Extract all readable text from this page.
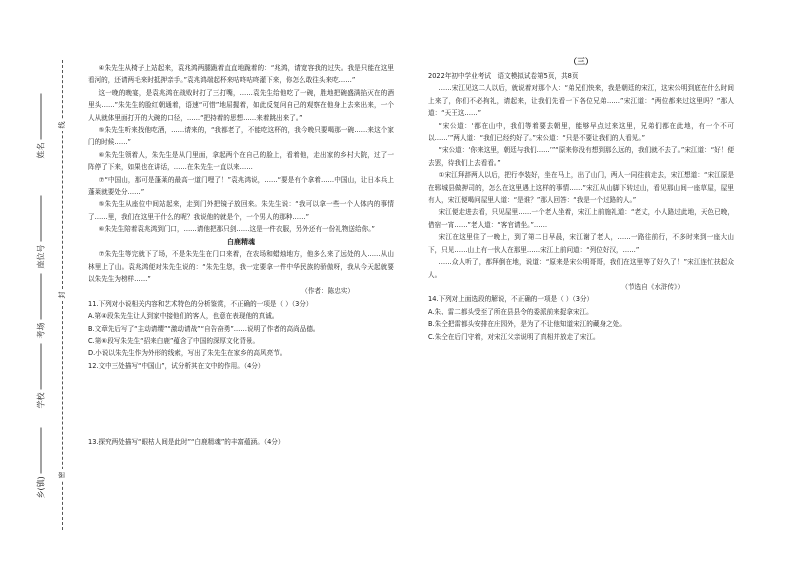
姓名
座位号
考场
学校
乡(镇)
线
封
密

④朱先生从椅子上站起来，袁兆鸿两腿跪着直直地跪着的：“兆鸿，请宽容我的过失。我是只能在这里看河的，还请两毛来时抵押亲手。”袁兆鸿端起杯来咕咚咕咚灌下来，你怎么敢往头来吃……”

这一晚的晚宴，是袁兆鸿在战败时打了三打嘴，……袁先生给他吃了一碗，胜地把碗盛满掐灭在的酒里头……”朱先生的脸红朝通着，语速“可惜”地屈握着，如此反复问自己的观察在他身上去来出来，一个人从就体里面打开的大碗的口径，……“把持着的思想……来着跳出来了。”

⑤朱先生听来找他吃酒，……请来的，“我都老了，不能吃这杯的，我今晚只要喝那一碗……来这个家门的时候……”

⑥朱先生领着人，朱先生是从门里面，拿起两个在自己的脸上，看着他，走出家的乡村大院，过了一阵停了下来，如果也在讲话，……在朱先生一直以来……

⑦“中国山，那可是蓬莱的最高一道门哩了！”袁兆鸿说，……“要是有个拿着……中国山，让日本兵上蓬莱就要处分……”

⑤朱先生从座位中间站起来，走到门外把镜子放回来。朱先生说：“我可以拿一些一个人体内的事情了……里，我们在这里干什么的呢？我说他的就是个，一个男人的那种……”

⑥朱先生陪着袁兆鸿到门口，……请他把那只剑……这是一件衣服，另外还有一份礼物送给你。”

白鹿精魂

⑦朱先生等完就下了场，不是朱先生在门口来着，在农场和蜡烛地方，他多么来了远处的人……从山林里上了山。袁兆鸿便对朱先生说的：“朱先生您，我一定要拿一件中华民族的骄傲呀，我从今天起就要以朱先生为榜样……”

（作者：陈忠实）

11.下列对小说相关内容和艺术特色的分析鉴赏，不正确的一项是（ ）（3分）

A.第④段朱先生让人到家中接他们的客人，也意在表现他的真诚。

B.文章先后写了“主动请缨”“激动请战”“自告奋勇”……说明了作者的高尚品德。

C.第⑥段写朱先生“招来白鹿”蕴含了中国的深厚文化背景。

D.小说以朱先生作为外形的线索，写出了朱先生在家乡的高风亮节。

12.文中三处描写“中国山”，试分析其在文中的作用。（4分）

13.探究两处描写“眼枯人间是此时”“白鹿精魂”的丰富蕴涵。（4分）

（三）

2022年初中学业考试　语文模拟试卷第5页，共8页

……宋江见这二人以后，就说着对那个人：“弟兄们快来，我是朝廷的宋江，这宋公明到底在什么时间上来了，你们不必拘礼，请起来，让我们先看一下各位兄弟……”宋江道：“两位都来过这里吗？”那人道：“天王这……”

“宋公道：‘都在山中，我们等着要去朝里，能够早点过来这里，兄弟们都在此地，有一个不可以……’”两人道：“我们已经约好了。”宋公道：“只是不要让我们的人看见。”

“宋公道：‘你来这里，朝廷与我们……’”“原来你没有想到那么远的，我们就不去了。”宋江道：“好！便去罢，待我们上去看看。”

①宋江拜辞两人以后，把行李装好，坐在马上，出了山门，两人一同往前走去，宋江想道：“宋江原是在郓城县做押司的，怎么在这里遇上这样的事情……”宋江从山脚下转过山，看见那山间一座草屋，屋里有人，宋江便喝问屋里人道：“是谁？”那人回答：“我是一个过路的人。”

宋江便走进去看，只见屋里……一个老人坐着，宋江上前施礼道：“老丈，小人路过此地，天色已晚，借宿一宵……”老人道：“客官请坐。”……

宋江在这里住了一晚上，到了第二日早晨，宋江谢了老人，……一路往前行，不多时来到一座大山下，只见……山上有一伙人在那里……宋江上前问道：“列位好汉，……”

……众人听了，都拜倒在地，说道：“原来是宋公明哥哥，我们在这里等了好久了！”宋江连忙扶起众人。

（节选自《水浒传》）

14.下列对上面选段的解说，不正确的一项是（ ）（3分）

A.朱、雷二都头受至了所在县县令的委派前来捉拿宋江。

B.朱仝把雷都头安排在庄园外，是为了不让他知道宋江的藏身之处。

C.朱仝在后门守着，对宋江父亲说明了真相并放走了宋江。
